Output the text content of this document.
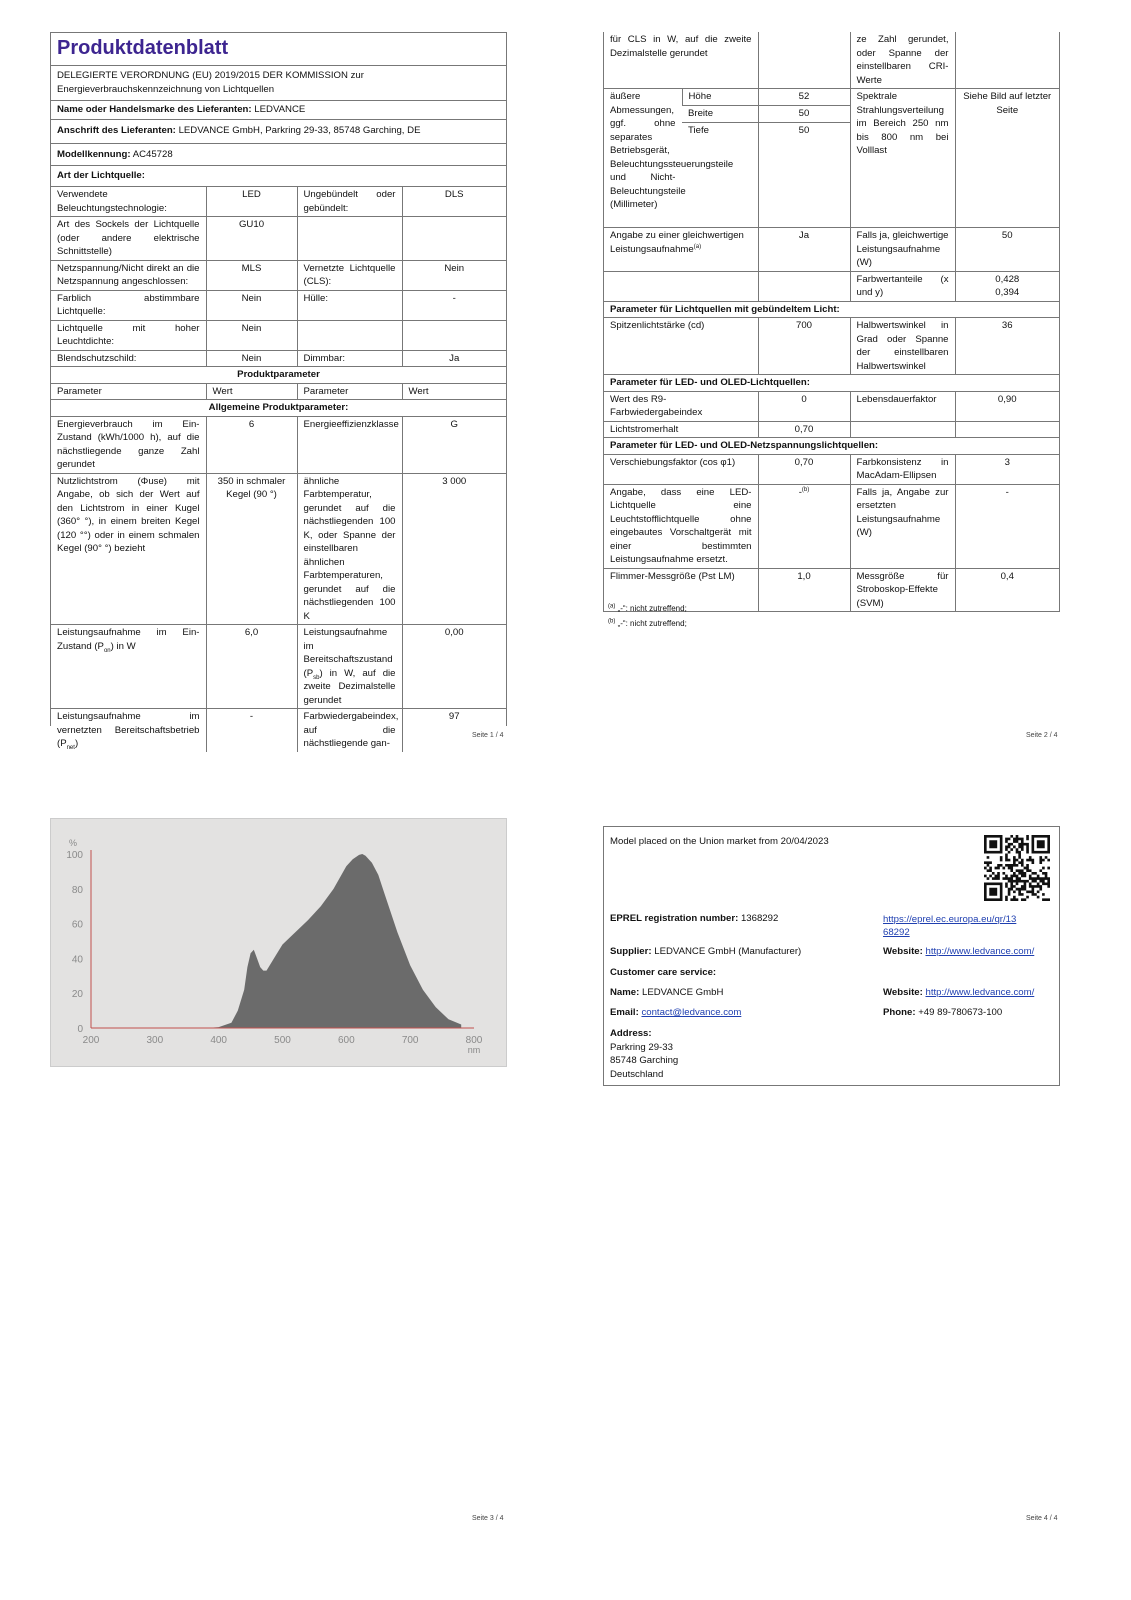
Produktdatenblatt
DELEGIERTE VERORDNUNG (EU) 2019/2015 DER KOMMISSION zur Energieverbrauchskennzeichnung von Lichtquellen
Name oder Handelsmarke des Lieferanten: LEDVANCE
Anschrift des Lieferanten: LEDVANCE GmbH, Parkring 29-33, 85748 Garching, DE
Modellkennung: AC45728
Art der Lichtquelle:
Verwendete Beleuchtungstechnologie:	LED	Ungebündelt oder gebündelt:	DLS
Art des Sockels der Lichtquelle (oder andere elektrische Schnittstelle)	GU10		
Netzspannung/Nicht direkt an die Netzspannung angeschlossen:	MLS	Vernetzte Lichtquelle (CLS):	Nein
Farblich abstimmbare Lichtquelle:	Nein	Hülle:	-
Lichtquelle mit hoher Leuchtdichte:	Nein		
Blendschutzschild:	Nein	Dimmbar:	Ja
Produktparameter			
Parameter	Wert	Parameter	Wert
Allgemeine Produktparameter:			
Energieverbrauch im Ein-Zustand (kWh/1000 h), auf die nächstliegende ganze Zahl gerundet	6	Energieeffizienzklasse	G
Nutzlichtstrom (Φuse) mit Angabe, ob sich der Wert auf den Lichtstrom in einer Kugel (360° °), in einem breiten Kegel (120 °°) oder in einem schmalen Kegel (90° °) bezieht	350 in schmaler Kegel (90 °)	ähnliche Farbtemperatur, gerundet auf die nächstliegenden 100 K, oder Spanne der einstellbaren ähnlichen Farbtemperaturen, gerundet auf die nächstliegenden 100 K	3 000
Leistungsaufnahme im Ein-Zustand $(P_{on})$ in W	6,0	Leistungsaufnahme im Bereitschaftszustand $(P_{sb})$ in W, auf die zweite Dezimalstelle gerundet	0,00
Leistungsaufnahme im vernetzten Bereitschaftsbetrieb $(P_{net})$	-	Farbwiedergabeindex, auf die nächstliegende gan-	97
Seite 1 / 4
für CLS in W, auf die zweite Dezimalstelle gerundet			ze Zahl gerundet, oder Spanne der einstellbaren CRI-Werte	
äußere Abmessungen, ggf. ohne separates Betriebsgerät, Beleuchtungssteuerungsteile und Nicht-Beleuchtungsteile (Millimeter)	Höhe	52	Spektrale Strahlungsverteilung im Bereich 250 nm bis 800 nm bei Volllast	Siehe Bild auf letzter Seite
	Breite	50		
	Tiefe	50		
Angabe zu einer gleichwertigen Leistungsaufnahme$^{(a)}$		Ja	Falls ja, gleichwertige Leistungsaufnahme (W)	50
			Farbwertanteile (x und y)	0,428
0,394

Parameter für Lichtquellen mit gebündeltem Licht:				
Spitzenlichtstärke (cd)		700	Halbwertswinkel in Grad oder Spanne der einstellbaren Halbwertswinkel	36
Parameter für LED- und OLED-Lichtquellen:				
Wert des R9-Farbwiedergabeindex		0	Lebensdauerfaktor	0,90
Lichtstromerhalt		0,70		
Parameter für LED- und OLED-Netzspannungslichtquellen:				
Verschiebungsfaktor (cos φ1)		0,70	Farbkonsistenz in MacAdam-Ellipsen	3
Angabe, dass eine LED-Lichtquelle eine Leuchtstofflichtquelle ohne eingebautes Vorschaltgerät mit einer bestimmten Leistungsaufnahme ersetzt.		-$^{(b)}$	Falls ja, Angabe zur ersetzten Leistungsaufnahme (W)	-
Flimmer-Messgröße (Pst LM)		1,0	Messgröße für Stroboskop-Effekte (SVM)	0,4
$^{(a)}$ „-“: nicht zutreffend;
$^{(b)}$ „-“: nicht zutreffend;
Seite 2 / 4
200	300	400	500	600	700	800
0
20
40
60
80
100
%
nm
Seite 3 / 4
Model placed on the Union market from 20/04/2023
EPREL registration number: 1368292	https://eprel.ec.europa.eu/qr/13
68292
Supplier: LEDVANCE GmbH (Manufacturer)	Website: http://www.ledvance.com/
Customer care service:
Name: LEDVANCE GmbH	Website: http://www.ledvance.com/
Email: contact@ledvance.com	Phone: +49 89-780673-100
Address:
Parkring 29-33
85748 Garching
Deutschland
Seite 4 / 4
